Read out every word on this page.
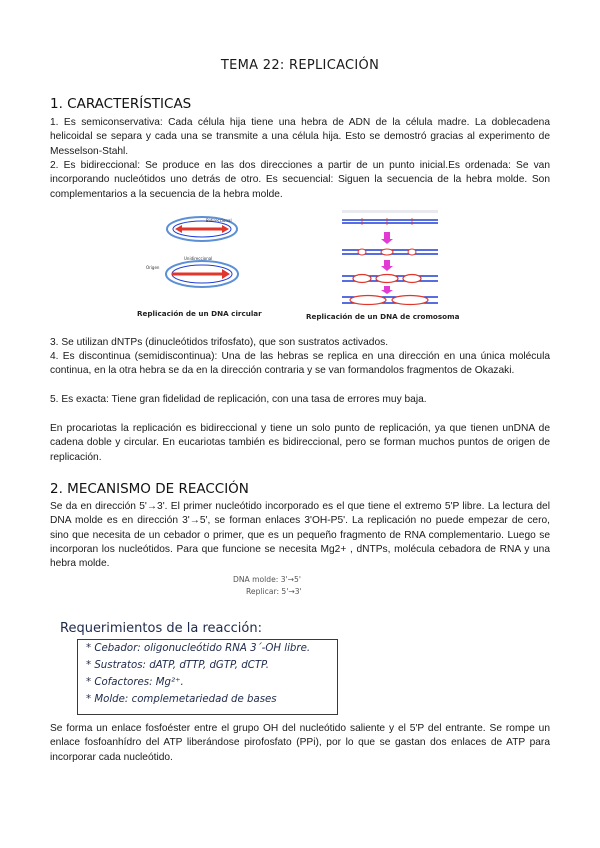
TEMA 22: REPLICACIÓN
1. CARACTERÍSTICAS

1. Es semiconservativa: Cada célula hija tiene una hebra de ADN de la célula madre. La doblecadena helicoidal se separa y cada una se transmite a una célula hija. Esto se demostró gracias al experimento de Messelson-Stahl.

2. Es bidireccional: Se produce en las dos direcciones a partir de un punto inicial.Es ordenada: Se van incorporando nucleótidos uno detrás de otro. Es secuencial: Siguen la secuencia de la hebra molde. Son complementarios a la secuencia de la hebra molde.

Bidireccional
Unidireccional
Origen
Replicación de un DNA circular	Replicación de un DNA de cromosoma

3. Se utilizan dNTPs (dinucleótidos trifosfato), que son sustratos activados.

4. Es discontinua (semidiscontinua): Una de las hebras se replica en una dirección en una única molécula continua, en la otra hebra se da en la dirección contraria y se van formandolos fragmentos de Okazaki.

5. Es exacta: Tiene gran fidelidad de replicación, con una tasa de errores muy baja.

En procariotas la replicación es bidireccional y tiene un solo punto de replicación, ya que tienen unDNA de cadena doble y circular. En eucariotas también es bidireccional, pero se forman muchos puntos de origen de replicación.

2. MECANISMO DE REACCIÓN

Se da en dirección 5'→3'. El primer nucleótido incorporado es el que tiene el extremo 5'P libre. La lectura del DNA molde es en dirección 3'→5', se forman enlaces 3'OH-P5'. La replicación no puede empezar de cero, sino que necesita de un cebador o primer, que es un pequeño fragmento de RNA complementario. Luego se incorporan los nucleótidos. Para que funcione se necesita Mg2+ , dNTPs, molécula cebadora de RNA y una hebra molde.

DNA molde: 3'→5'
Replicar: 5'→3'
Requerimientos de la reacción:
* Cebador: oligonucleótido RNA 3´-OH libre.
* Sustratos: dATP, dTTP, dGTP, dCTP.
* Cofactores: Mg²⁺.
* Molde: complemetariedad de bases

Se forma un enlace fosfoéster entre el grupo OH del nucleótido saliente y el 5'P del entrante. Se rompe un enlace fosfoanhídro del ATP liberándose pirofosfato (PPi), por lo que se gastan dos enlaces de ATP para incorporar cada nucleótido.
